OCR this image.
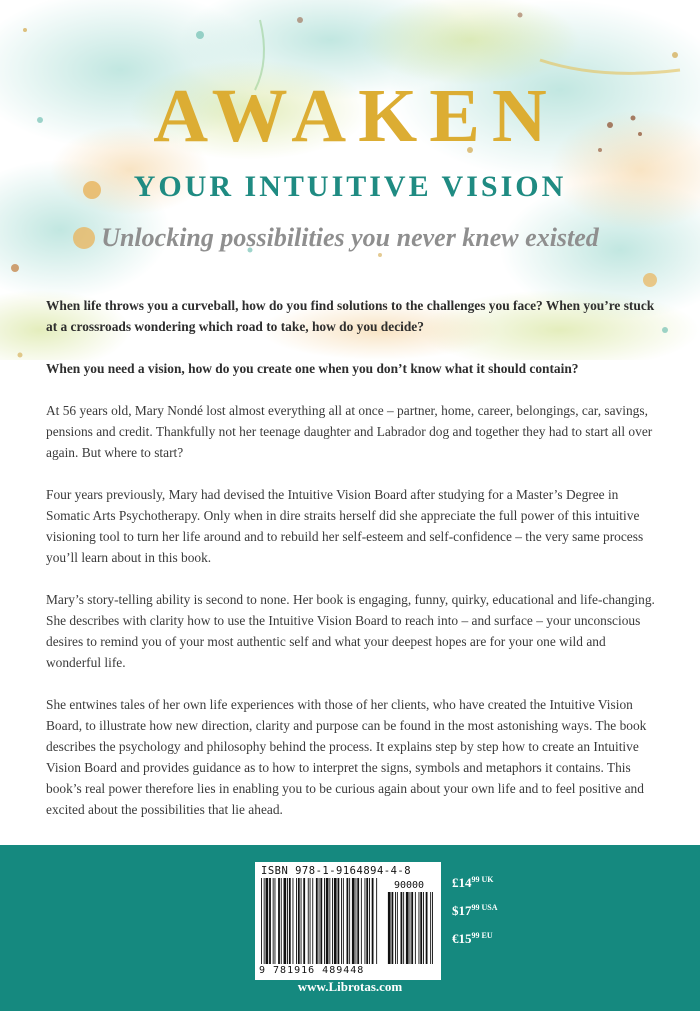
AWAKEN
YOUR INTUITIVE VISION
Unlocking possibilities you never knew existed

When life throws you a curveball, how do you find solutions to the challenges you face? When you’re stuck at a crossroads wondering which road to take, how do you decide?

When you need a vision, how do you create one when you don’t know what it should contain?

At 56 years old, Mary Nondé lost almost everything all at once – partner, home, career, belongings, car, savings, pensions and credit. Thankfully not her teenage daughter and Labrador dog and together they had to start all over again. But where to start?

Four years previously, Mary had devised the Intuitive Vision Board after studying for a Master’s Degree in Somatic Arts Psychotherapy. Only when in dire straits herself did she appreciate the full power of this intuitive visioning tool to turn her life around and to rebuild her self-esteem and self-confidence – the very same process you’ll learn about in this book.

Mary’s story-telling ability is second to none. Her book is engaging, funny, quirky, educational and life-changing. She describes with clarity how to use the Intuitive Vision Board to reach into – and surface – your unconscious desires to remind you of your most authentic self and what your deepest hopes are for your one wild and wonderful life.

She entwines tales of her own life experiences with those of her clients, who have created the Intuitive Vision Board, to illustrate how new direction, clarity and purpose can be found in the most astonishing ways. The book describes the psychology and philosophy behind the process. It explains step by step how to create an Intuitive Vision Board and provides guidance as to how to interpret the signs, symbols and metaphors it contains. This book’s real power therefore lies in enabling you to be curious again about your own life and to feel positive and excited about the possibilities that lie ahead.

ISBN 978-1-9164894-4-8
90000
9 781916 489448
$£14^{99}$ $^{UK}$
$\$17^{99}$ $^{USA}$
$€15^{99}$ $^{EU}$
www.Librotas.com
